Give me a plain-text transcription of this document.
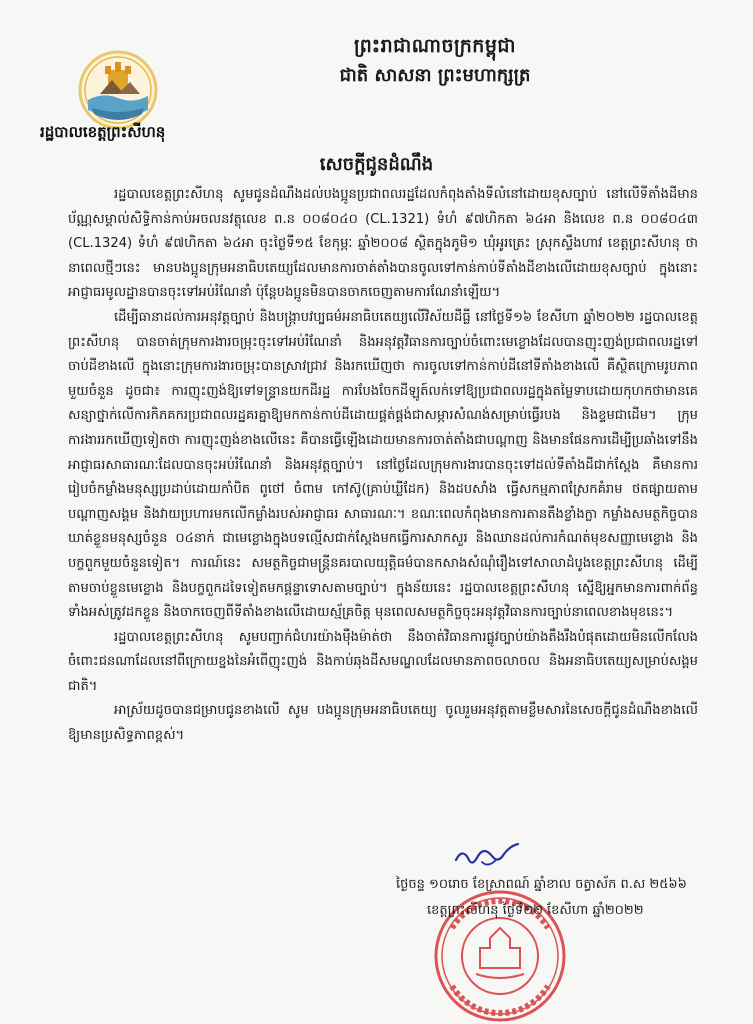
រដ្ឋបាលខេត្តព្រះសីហនុ
ព្រះរាជាណាចក្រកម្ពុជា
ជាតិ សាសនា ព្រះមហាក្សត្រ
សេចក្តីជូនដំណឹង

រដ្ឋបាលខេត្តព្រះសីហនុ សូមជូនដំណឹងដល់បងប្អូនប្រជាពលរដ្ឋដែលកំពុងតាំងទីលំនៅដោយខុសច្បាប់ នៅលើទីតាំងដីមានប័ណ្ណសម្គាល់សិទ្ធិកាន់កាប់អចលនវត្ថុលេខ ព.ន ០០៨០៤០ (CL.1321) ទំហំ ៩៧ហិកតា ៦៤អា និងលេខ ព.ន ០០៨០៤៣ (CL.1324) ទំហំ ៩៧ហិកតា ៦៤អា ចុះថ្ងៃទី១៥ ខែកុម្ភៈ ឆ្នាំ២០០៨ ស្ថិតក្នុងភូមិ១ ឃុំអូរត្រេះ ស្រុកស្ទឹងហាវ ខេត្តព្រះសីហនុ ថា នាពេលថ្មីៗនេះ មានបងប្អូនក្រុមអនាធិបតេយ្យដែលមានការចាត់តាំងបានចូលទៅកាន់កាប់ទីតាំងដីខាងលើដោយខុសច្បាប់ ក្នុងនោះអាជ្ញាធរមូលដ្ឋានបានចុះទៅអប់រំណែនាំ ប៉ុន្តែបងប្អូនមិនបានចាកចេញតាមការណែនាំឡើយ។

ដើម្បីធានាដល់ការអនុវត្តច្បាប់ និងបង្ក្រាបវប្បធម៌អនាធិបតេយ្យលើវិស័យដីធ្លី នៅថ្ងៃទី១៦ ខែសីហា ឆ្នាំ២០២២ រដ្ឋបាលខេត្តព្រះសីហនុ បានចាត់ក្រុមការងារចម្រុះចុះទៅអប់រំណែនាំ និងអនុវត្តវិធានការច្បាប់ចំពោះមេខ្លោងដែលបានញុះញង់ប្រជាពលរដ្ឋទៅចាប់ដីខាងលើ ក្នុងនោះក្រុមការងារចម្រុះបានស្រាវជ្រាវ និងរកឃើញថា ការចូលទៅកាន់កាប់ដីនៅទីតាំងខាងលើ គឺស្ថិតក្រោមរូបភាពមួយចំនួន ដូចជា៖ ការញុះញង់ឱ្យទៅទន្ទ្រានយកដីរដ្ឋ ការបែងចែកដីឡូត៍លក់ទៅឱ្យប្រជាពលរដ្ឋក្នុងតម្លៃទាបដោយកុហកថាមានគេសន្យាថ្នាក់លើការកិភគករប្រជាពលរដ្ឋគរគ្នាឱ្យមកកាន់កាប់ដីដោយផ្គត់ផ្គង់ជាសម្ភារសំណង់សម្រាប់ធ្វើរបង និងខ្ទមជាដើម។ ក្រុមការងាររកឃើញទៀតថា ការញុះញង់ខាងលើនេះ គឺបានធ្វើឡើងដោយមានការចាត់តាំងជាបណ្តាញ និងមានផែនការដើម្បីប្រឆាំងទៅនឹងអាជ្ញាធរសាធារណៈដែលបានចុះអប់រំណែនាំ និងអនុវត្តច្បាប់។ នៅថ្ងៃដែលក្រុមការងារបានចុះទៅដល់ទីតាំងដីជាក់ស្តែង គឺមានការរៀបចំកម្លាំងមនុស្សប្រដាប់ដោយកាំបិត ពូថៅ ចំពាម កៅស៊ូ(គ្រាប់ឃ្លីដែក) និងដបសាំង ធ្វើសកម្មភាពស្រែកគំរាម ថតផ្សាយតាមបណ្តាញសង្គម និងវាយប្រហារមកលើកម្លាំងរបស់អាជ្ញាធរ សាធារណៈ។ ខណៈពេលកំពុងមានការតានតឹងខ្លាំងក្លា កម្លាំងសមត្ថកិច្ចបានឃាត់ខ្លួនមនុស្សចំនួន ០៤នាក់ ជាមេខ្លោងក្នុងបទល្មើសជាក់ស្តែងមកធ្វើការសាកសួរ និងឈានដល់ការកំណត់មុខសញ្ញាមេខ្លោង និងបក្ខពួកមួយចំនួនទៀត។ ការណ៍នេះ សមត្ថកិច្ចជាមន្ត្រីនគរបាលយុត្តិធម៌បានកសាងសំណុំរឿងទៅសាលាដំបូងខេត្តព្រះសីហនុ ដើម្បីតាមចាប់ខ្លួនមេខ្លោង និងបក្ខពួកដទៃទៀតមកផ្តន្ទាទោសតាមច្បាប់។ ក្នុងន័យនេះ រដ្ឋបាលខេត្តព្រះសីហនុ ស្នើឱ្យអ្នកមានការពាក់ព័ន្ធទាំងអស់ត្រូវដកខ្លួន និងចាកចេញពីទីតាំងខាងលើដោយស្ម័គ្រចិត្ត មុនពេលសមត្ថកិច្ចចុះអនុវត្តវិធានការច្បាប់នាពេលខាងមុខនេះ។

រដ្ឋបាលខេត្តព្រះសីហនុ សូមបញ្ជាក់ជំហរយ៉ាងម៉ឺងម៉ាត់ថា នឹងចាត់វិធានការផ្លូវច្បាប់យ៉ាងតឹងរឹងបំផុតដោយមិនលើកលែងចំពោះជនណាដែលនៅពីក្រោយខ្នងនៃអំពើញុះញង់ និងកាប់ឆុងដីសមណ្ឌលដែលមានភាពចលាចល និងអនាធិបតេយ្យសម្រាប់សង្គមជាតិ។

អាស្រ័យដូចបានជម្រាបជូនខាងលើ សូម បងប្អូនក្រុមអនាធិបតេយ្យ ចូលរួមអនុវត្តតាមខ្លឹមសារនៃសេចក្តីជូនដំណឹងខាងលើឱ្យមានប្រសិទ្ធភាពខ្ពស់។

ថ្ងៃចន្ទ ១០រោច ខែស្រាពណ៍ ឆ្នាំខាល ចត្វាស័ក ព.ស ២៥៦៦
ខេត្តព្រះសីហនុ ថ្ងៃទី២២ ខែសីហា ឆ្នាំ២០២២
